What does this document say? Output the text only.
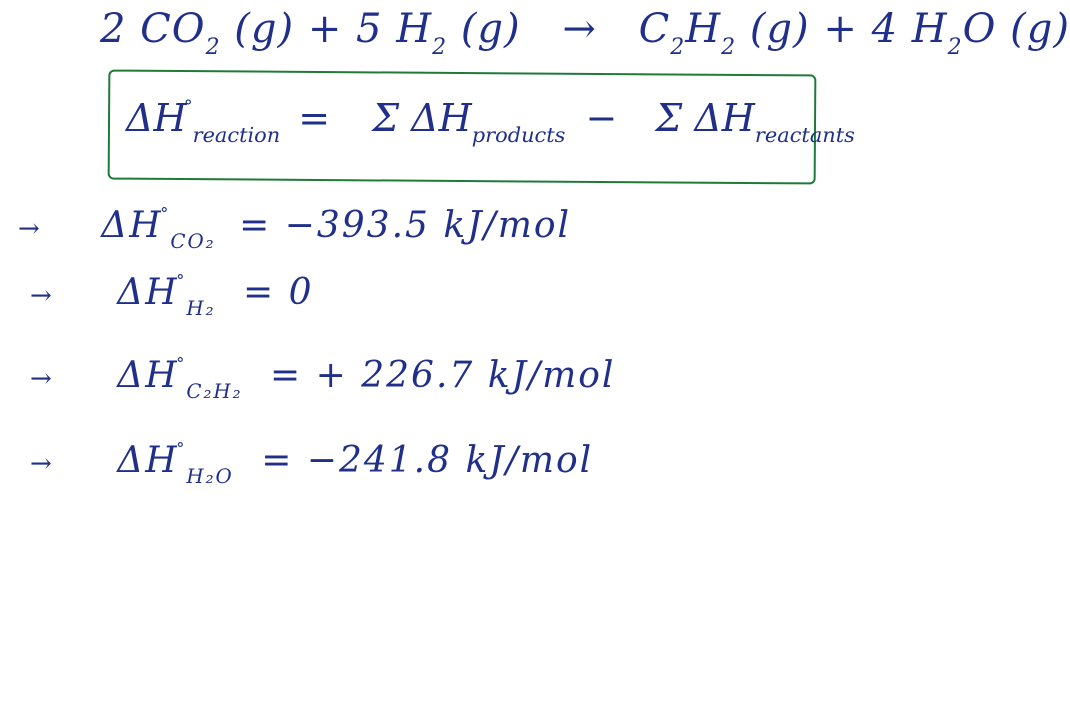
2 $CO_2$ (g) + 5 $H_2$ $(g) \to C_2H_2$ (g) + 4 $H_2O$ (g)
$\Delta H^\circ_{reaction} = \Sigma$ $\Delta H_{products} - \Sigma$ $\Delta H_{reactants}$
→ $\Delta H^\circ_{CO_2} = -393.5$ kJ/mol
→ $\Delta H^\circ_{H_2} = 0$
→ $\Delta H^\circ_{C_2H_2}$ = + 226.7 kJ/mol
→ $\Delta H^\circ_{H_2O} = -241.8$ kJ/mol
